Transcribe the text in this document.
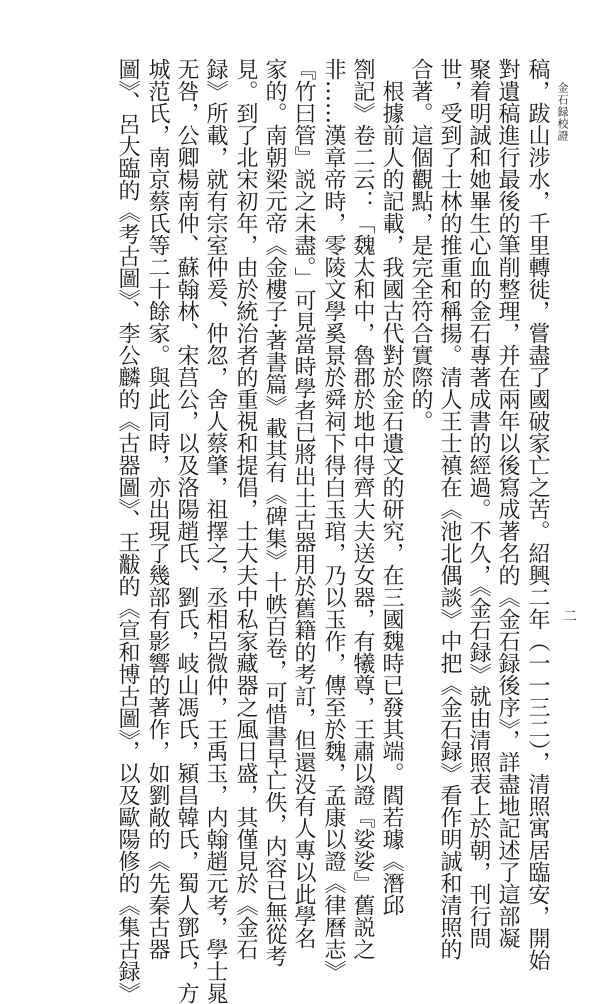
金石録校證
二
稿，跋山涉水，千里轉徙，嘗盡了國破家亡之苦。紹興二年（一一三二），清照寓居臨安，開始
對遺稿進行最後的筆削整理，并在兩年以後寫成著名的《金石録後序》，詳盡地記述了這部凝
聚着明誠和她畢生心血的金石專著成書的經過。不久，《金石録》就由清照表上於朝，刊行問
世，受到了士林的推重和稱揚。清人王士禛在《池北偶談》中把《金石録》看作明誠和清照的
合著。這個觀點，是完全符合實際的。
　根據前人的記載，我國古代對於金石遺文的研究，在三國魏時已發其端。閻若璩《潛邱
劄記》卷二云：「魏太和中，魯郡於地中得齊大夫送女器，有犧尊，王肅以證『娑娑』舊説之
非……漢章帝時，零陵文學奚景於舜祠下得白玉琯，乃以玉作，傳至於魏，孟康以證《律曆志》
『竹曰管』説之未盡。」可見當時學者已將出土古器用於舊籍的考訂，但還没有人專以此學名
家的。南朝梁元帝《金樓子·著書篇》載其有《碑集》十帙百卷，可惜書早亡佚，内容已無從考
見。到了北宋初年，由於統治者的重視和提倡，士大夫中私家藏器之風日盛，其僅見於《金石
録》所載，就有宗室仲爰、仲忽，舍人蔡肇，祖擇之，丞相呂微仲，王禹玉，内翰趙元考，學士晁
无咎，公卿楊南仲、蘇翰林、宋莒公，以及洛陽趙氏、劉氏，岐山馮氏，潁昌韓氏，蜀人鄧氏，方
城范氏，南京蔡氏等二十餘家。與此同時，亦出現了幾部有影響的著作，如劉敞的《先秦古器
圖》、呂大臨的《考古圖》、李公麟的《古器圖》、王黻的《宣和博古圖》，以及歐陽修的《集古録》
